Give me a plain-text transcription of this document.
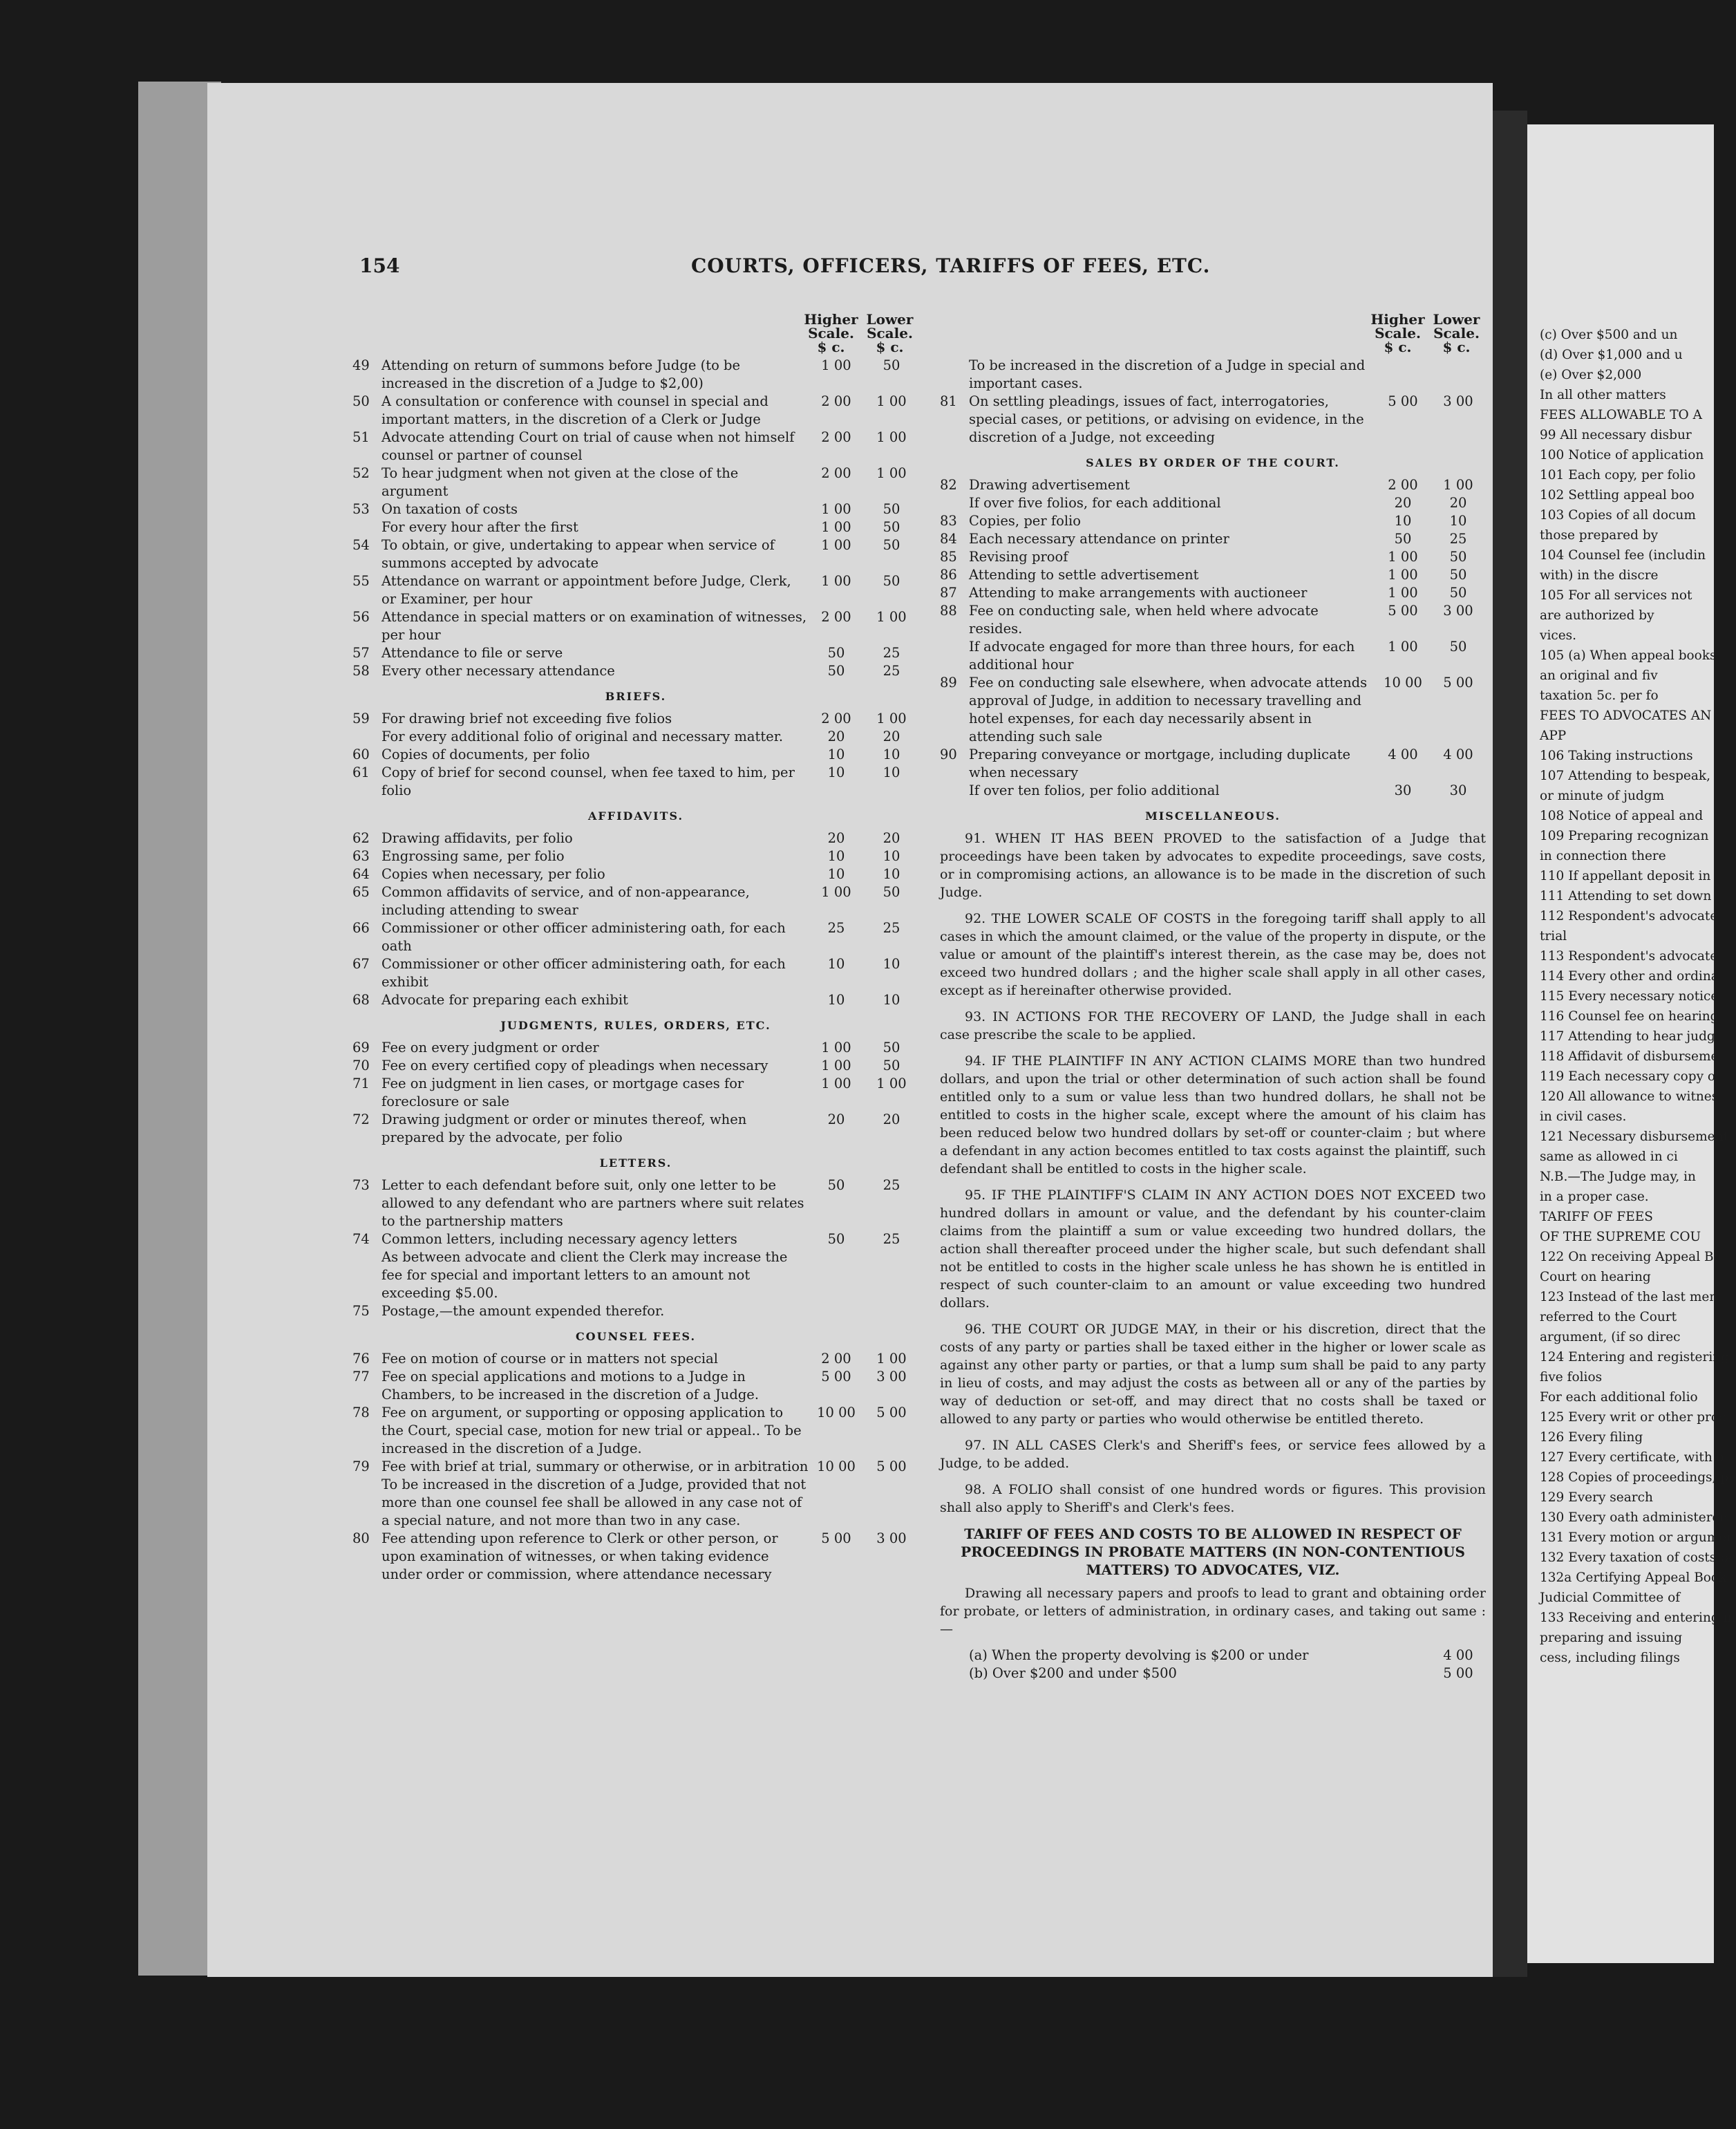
(c) Over $500 and un
(d) Over $1,000 and u
(e) Over $2,000
In all other matters
FEES ALLOWABLE TO A
99 All necessary disbur
100 Notice of application
101 Each copy, per folio
102 Settling appeal boo
103 Copies of all docum
those prepared by
104 Counsel fee (includin
with) in the discre
105 For all services not
are authorized by
vices.
105 (a) When appeal books
an original and fiv
taxation 5c. per fo
FEES TO ADVOCATES AN
APP
106 Taking instructions
107 Attending to bespeak,
or minute of judgm
108 Notice of appeal and
109 Preparing recognizan
in connection there
110 If appellant deposit in
111 Attending to set down
112 Respondent's advocate
trial
113 Respondent's advocate
114 Every other and ordina
115 Every necessary notice
116 Counsel fee on hearing
117 Attending to hear judg
118 Affidavit of disburseme
119 Each necessary copy of
120 All allowance to witnes
in civil cases.
121 Necessary disbursement
same as allowed in ci
N.B.—The Judge may, in
in a proper case.
TARIFF OF FEES
OF THE SUPREME COU
122 On receiving Appeal Bo
Court on hearing
123 Instead of the last ment
referred to the Court
argument, (if so direc
124 Entering and registering
five folios
For each additional folio
125 Every writ or other proc
126 Every filing
127 Every certificate, with or
128 Copies of proceedings, pe
129 Every search
130 Every oath administered
131 Every motion or argumen
132 Every taxation of costs pe
132a Certifying Appeal Book t
Judicial Committee of
133 Receiving and entering in
preparing and issuing
cess, including filings
154	COURTS, OFFICERS, TARIFFS OF FEES, ETC.
Higher
Scale.
$ c.
Lower
Scale.
$ c.
49 Attending on return of summons before Judge (to be increased in the discretion of a Judge to $2,00)
1 00	50
50 A consultation or conference with counsel in special and important matters, in the discretion of a Clerk or Judge
2 00	1 00
51 Advocate attending Court on trial of cause when not himself counsel or partner of counsel
2 00	1 00
52 To hear judgment when not given at the close of the argument
2 00	1 00
53 On taxation of costs	1 00	50
For every hour after the first	1 00	50
54 To obtain, or give, undertaking to appear when service of summons accepted by advocate
1 00	50
55 Attendance on warrant or appointment before Judge, Clerk, or Examiner, per hour
1 00	50
56 Attendance in special matters or on examination of witnesses, per hour
2 00	1 00
57 Attendance to file or serve	50	25
58 Every other necessary attendance	50	25
BRIEFS.
59 For drawing brief not exceeding five folios	2 00	1 00
For every additional folio of original and necessary matter.	20	20
60 Copies of documents, per folio	10	10
61 Copy of brief for second counsel, when fee taxed to him, per folio
10	10
AFFIDAVITS.
62 Drawing affidavits, per folio	20	20
63 Engrossing same, per folio	10	10
64 Copies when necessary, per folio	10	10
65 Common affidavits of service, and of non-appearance, including attending to swear
1 00	50
66 Commissioner or other officer administering oath, for each oath
25	25
67 Commissioner or other officer administering oath, for each exhibit
10	10
68 Advocate for preparing each exhibit	10	10
JUDGMENTS, RULES, ORDERS, ETC.
69 Fee on every judgment or order	1 00	50
70 Fee on every certified copy of pleadings when necessary	1 00	50
71 Fee on judgment in lien cases, or mortgage cases for foreclosure or sale
1 00	1 00
72 Drawing judgment or order or minutes thereof, when prepared by the advocate, per folio
20	20
LETTERS.
73 Letter to each defendant before suit, only one letter to be allowed to any defendant who are partners where suit relates to the partnership matters
50	25
74 Common letters, including necessary agency letters	50	25
As between advocate and client the Clerk may increase the fee for special and important letters to an amount not exceeding $5.00.
75 Postage,—the amount expended therefor.
COUNSEL FEES.
76 Fee on motion of course or in matters not special	2 00	1 00
77 Fee on special applications and motions to a Judge in Chambers, to be increased in the discretion of a Judge.
5 00	3 00
78 Fee on argument, or supporting or opposing application to the Court, special case, motion for new trial or appeal.. To be increased in the discretion of a Judge.
10 00	5 00
79 Fee with brief at trial, summary or otherwise, or in arbitration 10 00	5 00
To be increased in the discretion of a Judge, provided that not more than one counsel fee shall be allowed in any case not of a special nature, and not more than two in any case.
80 Fee attending upon reference to Clerk or other person, or upon examination of witnesses, or when taking evidence under order or commission, where attendance necessary
5 00	3 00
Higher
Scale.
$ c.
Lower
Scale.
$ c.
To be increased in the discretion of a Judge in special and important cases.
81 On settling pleadings, issues of fact, interrogatories, special cases, or petitions, or advising on evidence, in the discretion of a Judge, not exceeding
5 00	3 00
SALES BY ORDER OF THE COURT.
82 Drawing advertisement	2 00	1 00
If over five folios, for each additional	20	20
83 Copies, per folio	10	10
84 Each necessary attendance on printer	50	25
85 Revising proof	1 00	50
86 Attending to settle advertisement	1 00	50
87 Attending to make arrangements with auctioneer	1 00	50
88 Fee on conducting sale, when held where advocate resides.
5 00	3 00
If advocate engaged for more than three hours, for each additional hour
1 00	50
89 Fee on conducting sale elsewhere, when advocate attends approval of Judge, in addition to necessary travelling and hotel expenses, for each day necessarily absent in attending such sale
10 00	5 00
90 Preparing conveyance or mortgage, including duplicate when necessary
4 00	4 00
If over ten folios, per folio additional	30	30
MISCELLANEOUS.
91. WHEN IT HAS BEEN PROVED to the satisfaction of a Judge that proceedings have been taken by advocates to expedite proceedings, save costs, or in compromising actions, an allowance is to be made in the discretion of such Judge.
92. THE LOWER SCALE OF COSTS in the foregoing tariff shall apply to all cases in which the amount claimed, or the value of the property in dispute, or the value or amount of the plaintiff's interest therein, as the case may be, does not exceed two hundred dollars ; and the higher scale shall apply in all other cases, except as if hereinafter otherwise provided.
93. IN ACTIONS FOR THE RECOVERY OF LAND, the Judge shall in each case prescribe the scale to be applied.
94. IF THE PLAINTIFF IN ANY ACTION CLAIMS MORE than two hundred dollars, and upon the trial or other determination of such action shall be found entitled only to a sum or value less than two hundred dollars, he shall not be entitled to costs in the higher scale, except where the amount of his claim has been reduced below two hundred dollars by set-off or counter-claim ; but where a defendant in any action becomes entitled to tax costs against the plaintiff, such defendant shall be entitled to costs in the higher scale.
95. IF THE PLAINTIFF'S CLAIM IN ANY ACTION DOES NOT EXCEED two hundred dollars in amount or value, and the defendant by his counter-claim claims from the plaintiff a sum or value exceeding two hundred dollars, the action shall thereafter proceed under the higher scale, but such defendant shall not be entitled to costs in the higher scale unless he has shown he is entitled in respect of such counter-claim to an amount or value exceeding two hundred dollars.
96. THE COURT OR JUDGE MAY, in their or his discretion, direct that the costs of any party or parties shall be taxed either in the higher or lower scale as against any other party or parties, or that a lump sum shall be paid to any party in lieu of costs, and may adjust the costs as between all or any of the parties by way of deduction or set-off, and may direct that no costs shall be taxed or allowed to any party or parties who would otherwise be entitled thereto.
97. IN ALL CASES Clerk's and Sheriff's fees, or service fees allowed by a Judge, to be added.
98. A FOLIO shall consist of one hundred words or figures. This provision shall also apply to Sheriff's and Clerk's fees.
TARIFF OF FEES AND COSTS TO BE ALLOWED IN RESPECT OF PROCEEDINGS IN PROBATE MATTERS (IN NON-CONTENTIOUS MATTERS) TO ADVOCATES, VIZ.
Drawing all necessary papers and proofs to lead to grant and obtaining order for probate, or letters of administration, in ordinary cases, and taking out same :—
(a) When the property devolving is $200 or under	4 00
(b) Over $200 and under $500	5 00
